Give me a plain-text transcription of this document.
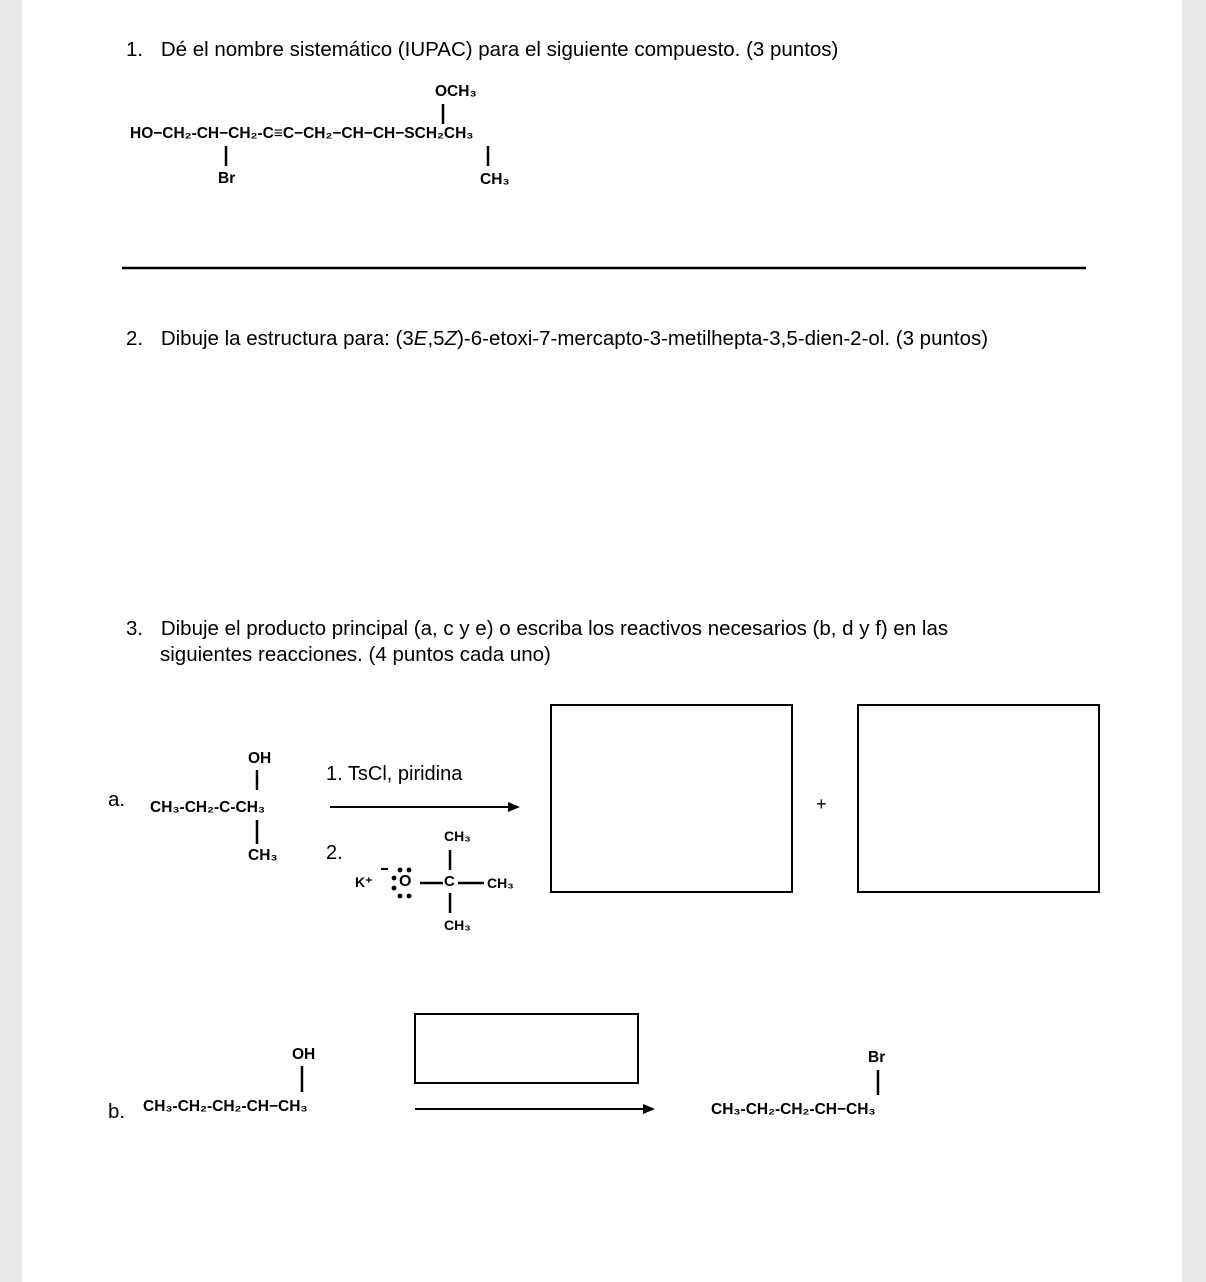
1. Dé el nombre sistemático (IUPAC) para el siguiente compuesto. (3 puntos)
OCH₃
HO−CH₂-CH−CH₂-C≡C−CH₂−CH−CH−SCH₂CH₃
Br	CH₃
2. Dibuje la estructura para: (3E,5Z)-6-etoxi-7-mercapto-3-metilhepta-3,5-dien-2-ol. (3 puntos)
3. Dibuje el producto principal (a, c y e) o escriba los reactivos necesarios (b, d y f) en las
siguientes reacciones. (4 puntos cada uno)
a.
OH
CH₃-CH₂-C-CH₃
CH₃
1. TsCl, piridina
2.
CH₃
K⁺ O C CH₃
CH₃
+
b.
OH
CH₃-CH₂-CH₂-CH−CH₃
Br
CH₃-CH₂-CH₂-CH−CH₃
